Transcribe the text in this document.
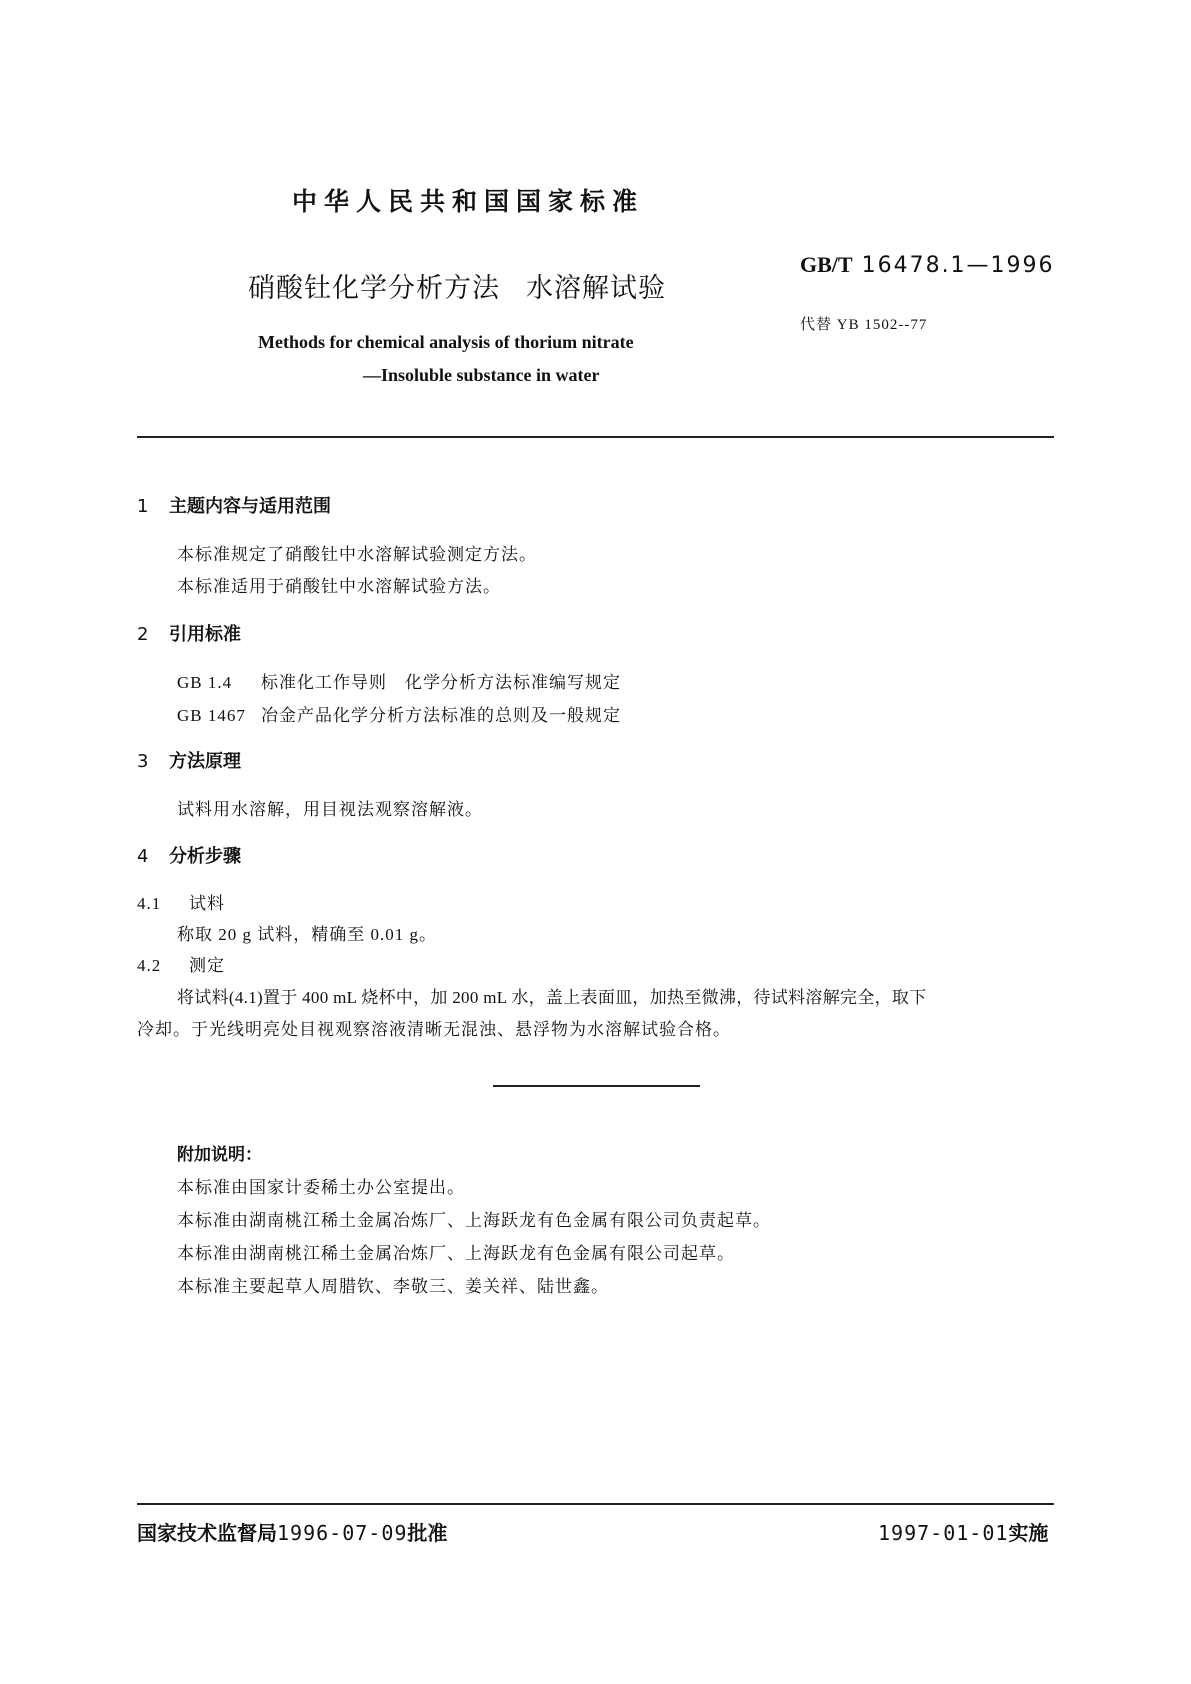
中华人民共和国国家标准
硝酸钍化学分析方法 水溶解试验
GB/T 16478.1—1996
代替 YB 1502--77
Methods for chemical analysis of thorium nitrate
—Insoluble substance in water
1 主题内容与适用范围
本标准规定了硝酸钍中水溶解试验测定方法。
本标准适用于硝酸钍中水溶解试验方法。
2 引用标准
GB 1.4 标准化工作导则　化学分析方法标准编写规定
GB 1467 冶金产品化学分析方法标准的总则及一般规定
3 方法原理
试料用水溶解，用目视法观察溶解液。
4 分析步骤
4.1 试料
称取 20 g 试料，精确至 0.01 g。
4.2 测定
将试料(4.1)置于 400 mL 烧杯中，加 200 mL 水，盖上表面皿，加热至微沸，待试料溶解完全，取下
冷却。于光线明亮处目视观察溶液清晰无混浊、悬浮物为水溶解试验合格。
附加说明：
本标准由国家计委稀土办公室提出。
本标准由湖南桃江稀土金属冶炼厂、上海跃龙有色金属有限公司负责起草。
本标准由湖南桃江稀土金属冶炼厂、上海跃龙有色金属有限公司起草。
本标准主要起草人周腊钦、李敬三、姜关祥、陆世鑫。
国家技术监督局1996-07-09批准	1997-01-01实施
